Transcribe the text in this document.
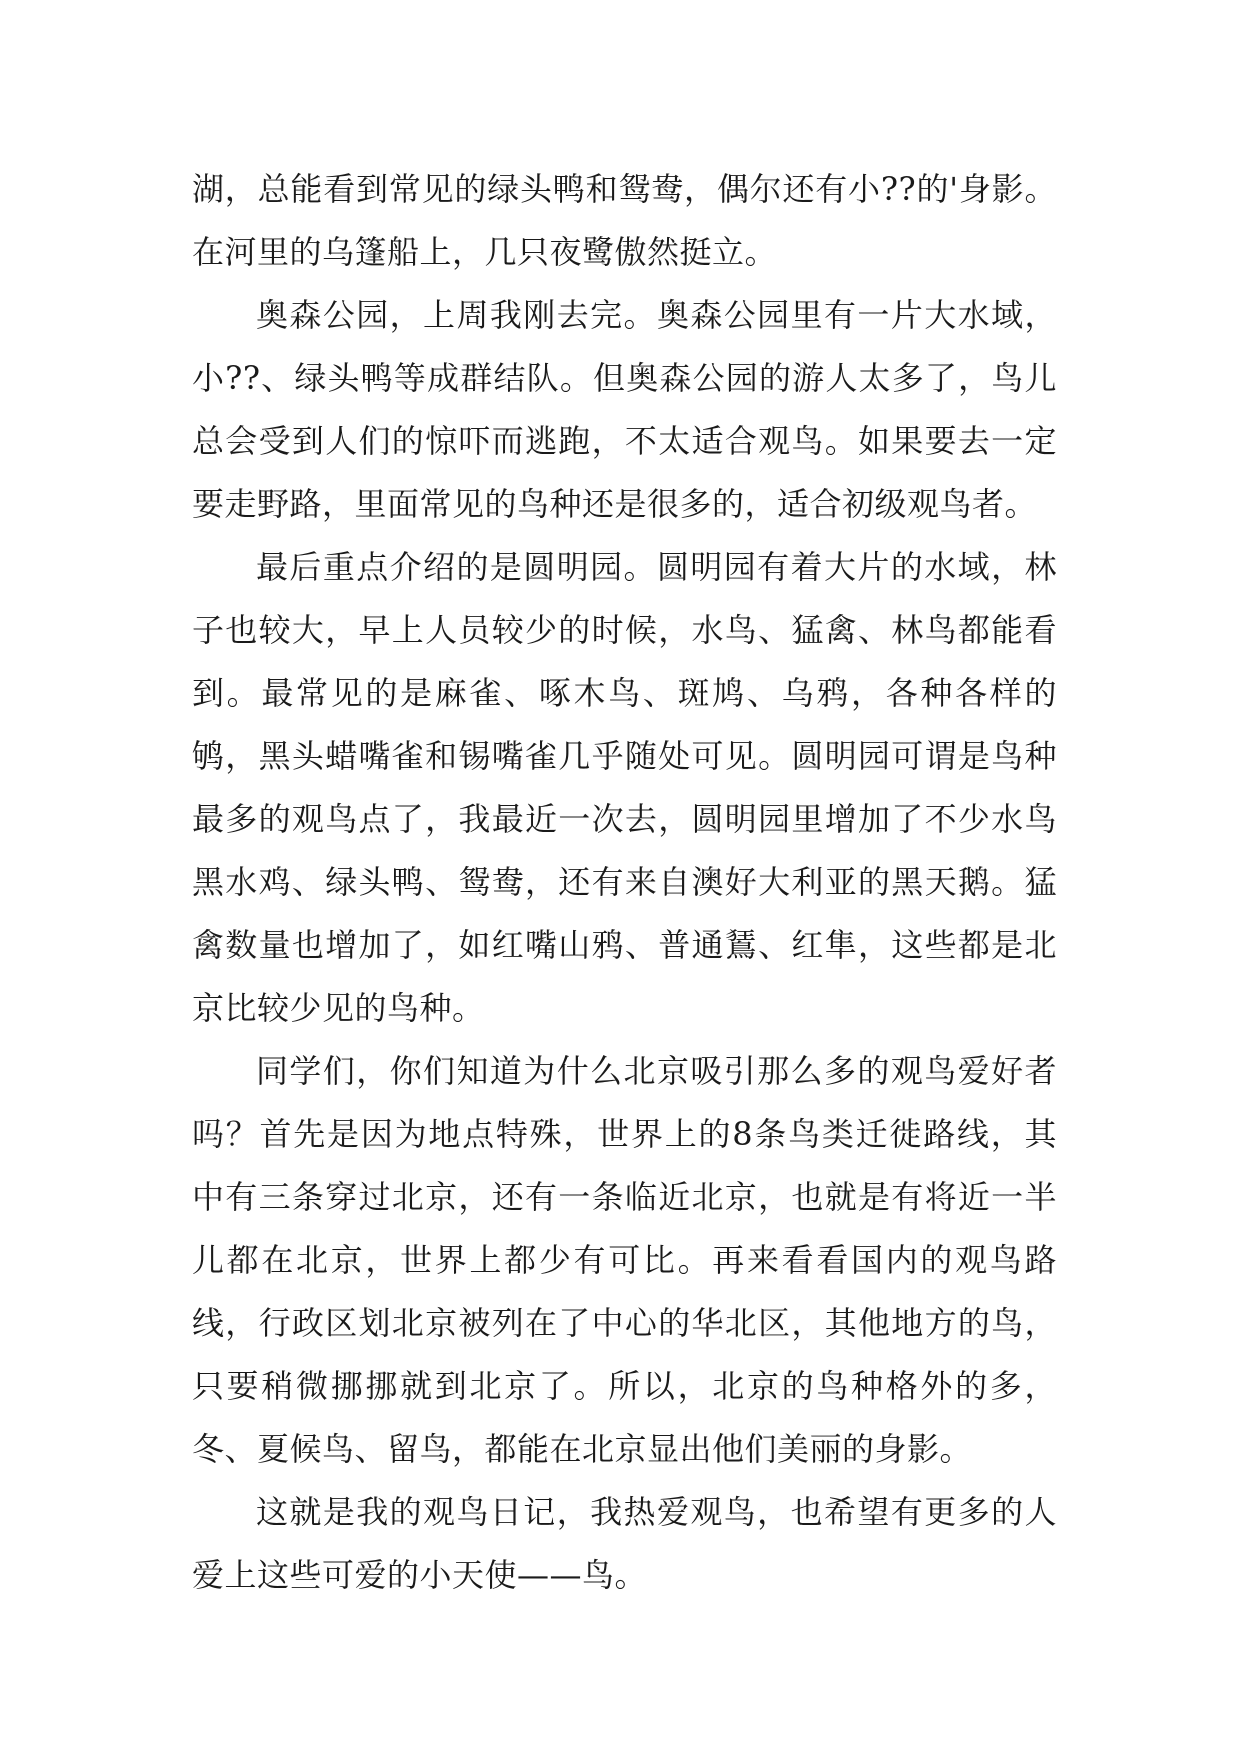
湖，总能看到常见的绿头鸭和鸳鸯，偶尔还有小??的'身影。在河里的乌篷船上，几只夜鹭傲然挺立。

奥森公园，上周我刚去完。奥森公园里有一片大水域，小??、绿头鸭等成群结队。但奥森公园的游人太多了，鸟儿总会受到人们的惊吓而逃跑，不太适合观鸟。如果要去一定要走野路，里面常见的鸟种还是很多的，适合初级观鸟者。

最后重点介绍的是圆明园。圆明园有着大片的水域，林子也较大，早上人员较少的时候，水鸟、猛禽、林鸟都能看到。最常见的是麻雀、啄木鸟、斑鸠、乌鸦，各种各样的鸲，黑头蜡嘴雀和锡嘴雀几乎随处可见。圆明园可谓是鸟种最多的观鸟点了，我最近一次去，圆明园里增加了不少水鸟黑水鸡、绿头鸭、鸳鸯，还有来自澳好大利亚的黑天鹅。猛禽数量也增加了，如红嘴山鸦、普通鵟、红隼，这些都是北京比较少见的鸟种。

同学们，你们知道为什么北京吸引那么多的观鸟爱好者吗？首先是因为地点特殊，世界上的8条鸟类迁徙路线，其中有三条穿过北京，还有一条临近北京，也就是有将近一半儿都在北京，世界上都少有可比。再来看看国内的观鸟路线，行政区划北京被列在了中心的华北区，其他地方的鸟，只要稍微挪挪就到北京了。所以，北京的鸟种格外的多，冬、夏候鸟、留鸟，都能在北京显出他们美丽的身影。

这就是我的观鸟日记，我热爱观鸟，也希望有更多的人爱上这些可爱的小天使——鸟。
